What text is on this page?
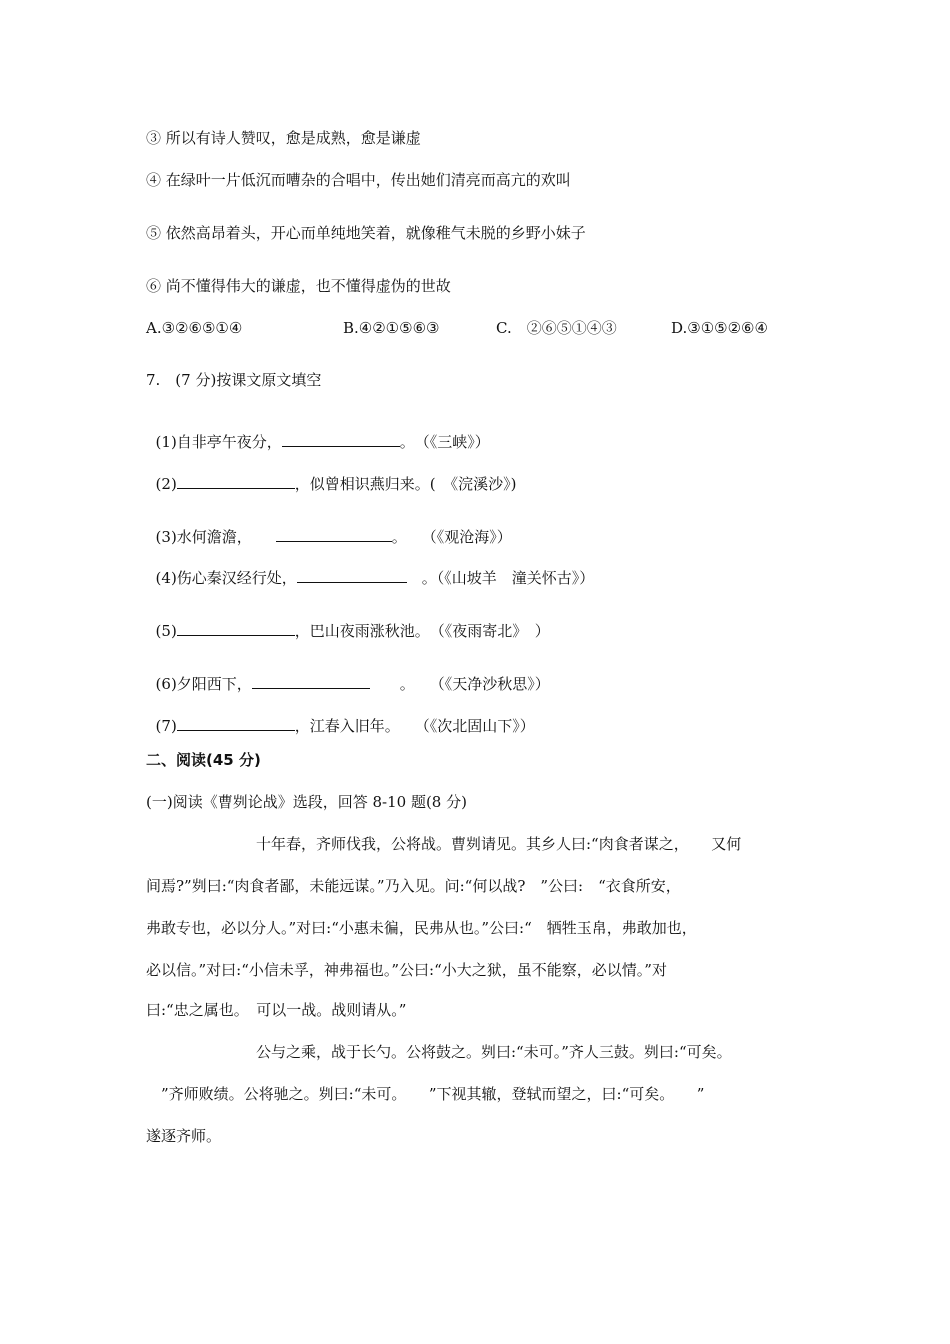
③ 所以有诗人赞叹，愈是成熟，愈是谦虚
④ 在绿叶一片低沉而嘈杂的合唱中，传出她们清亮而高亢的欢叫
⑤ 依然高昂着头，开心而单纯地笑着，就像稚气未脱的乡野小妹子
⑥ 尚不懂得伟大的谦虚，也不懂得虚伪的世故
A.③②⑥⑤①④	B.④②①⑤⑥③	C.　②⑥⑤①④③	D.③①⑤②⑥④
7.　(7 分)按课文原文填空

(1)自非亭午夜分，	。　（《三峡》）

(2)	，似曾相识燕归来。(　《浣溪沙》)

(3)水何澹澹，	。　　（《观沧海》）

(4)伤心秦汉经行处，	　。（《山坡羊　潼关怀古》）

(5)	，巴山夜雨涨秋池。　（《夜雨寄北》　）

(6)夕阳西下，	　　。　　（《天净沙秋思》）

(7)	，江春入旧年。　　（《次北固山下》）

二、阅读(45 分)
(一)阅读《曹刿论战》选段，回答 8-10 题(8 分)
十年春，齐师伐我，公将战。曹刿请见。其乡人曰:“肉食者谋之，　　又何
间焉?”刿曰:“肉食者鄙，未能远谋。”乃入见。问:“何以战?　”公曰:　“衣食所安，
弗敢专也，必以分人。”对曰:“小惠未徧，民弗从也。”公曰:“　牺牲玉帛，弗敢加也，
必以信。”对曰:“小信未孚，神弗福也。”公曰:“小大之狱，虽不能察，必以情。”对
曰:“忠之属也。　可以一战。战则请从。”
公与之乘，战于长勺。公将鼓之。刿曰:“未可。”齐人三鼓。刿曰:“可矣。
　”齐师败绩。公将驰之。刿曰:“未可。　　”下视其辙，登轼而望之，曰:“可矣。　　”
遂逐齐师。
